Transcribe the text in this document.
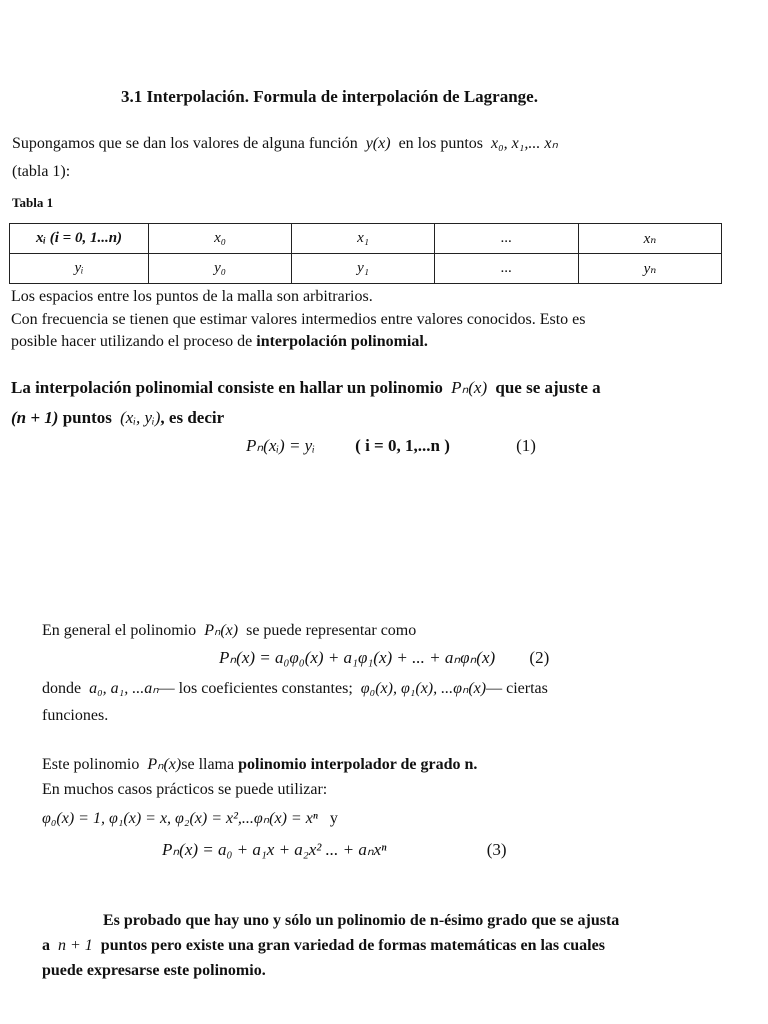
3.1 Interpolación. Formula de interpolación de Lagrange.
Supongamos que se dan los valores de alguna función y(x) en los puntos x₀, x₁,... xₙ
(tabla 1):
Tabla 1
xᵢ (i = 0, 1...n)	x₀	x₁	...	xₙ
yᵢ	y₀	y₁	...	yₙ
Los espacios entre los puntos de la malla son arbitrarios.
Con frecuencia se tienen que estimar valores intermedios entre valores conocidos. Esto es
posible hacer utilizando el proceso de interpolación polinomial.
La interpolación polinomial consiste en hallar un polinomio Pₙ(x) que se ajuste a
(n + 1) puntos (xᵢ, yᵢ), es decir
Pₙ(xᵢ) = yᵢ ( i = 0, 1,...n )	(1)
En general el polinomio Pₙ(x) se puede representar como
Pₙ(x) = a₀φ₀(x) + a₁φ₁(x) + ... + aₙφₙ(x) (2)
donde a₀, a₁, ...aₙ— los coeficientes constantes; φ₀(x), φ₁(x), ...φₙ(x)— ciertas
funciones.
Este polinomio Pₙ(x)se llama polinomio interpolador de grado n.
En muchos casos prácticos se puede utilizar:
φ₀(x) = 1, φ₁(x) = x, φ₂(x) = x²,...φₙ(x) = xⁿ y
Pₙ(x) = a₀ + a₁x + a₂x² ... + aₙxⁿ	(3)
Es probado que hay uno y sólo un polinomio de n-ésimo grado que se ajusta
a n + 1 puntos pero existe una gran variedad de formas matemáticas en las cuales
puede expresarse este polinomio.
